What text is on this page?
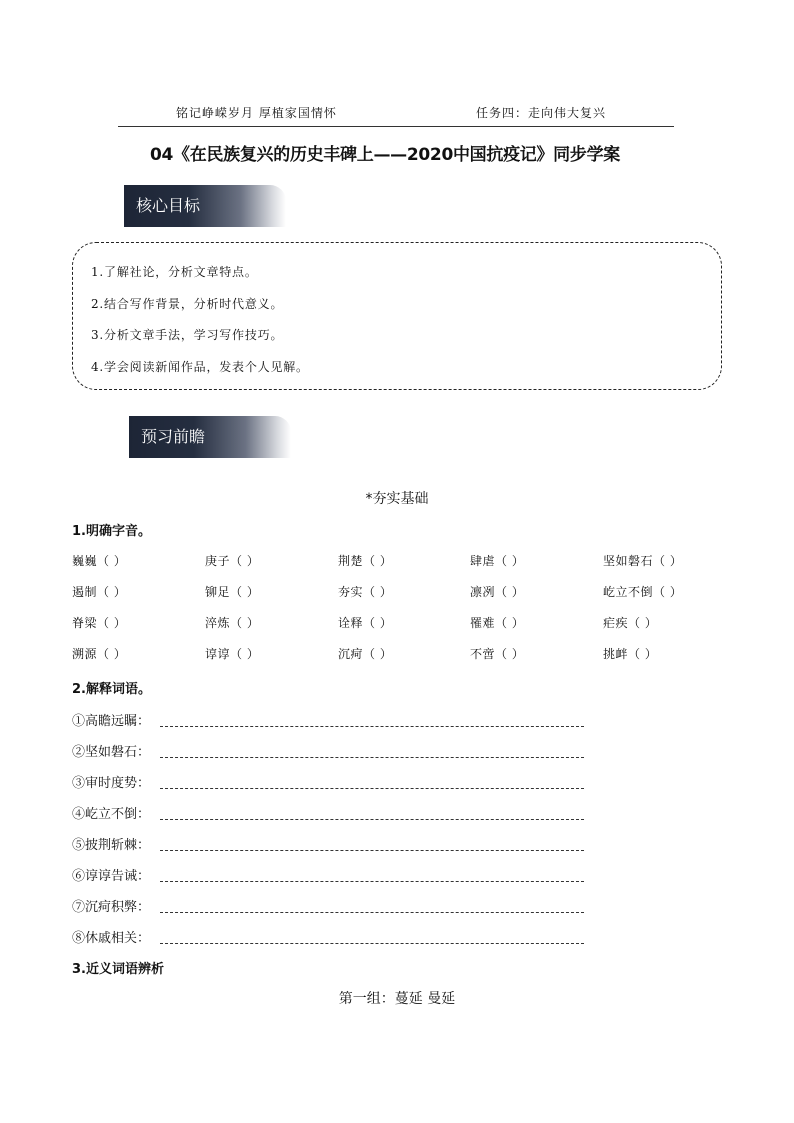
铭记峥嵘岁月 厚植家国情怀	任务四：走向伟大复兴
04《在民族复兴的历史丰碑上——2020中国抗疫记》同步学案
核心目标
1.了解社论，分析文章特点。
2.结合写作背景，分析时代意义。
3.分析文章手法，学习写作技巧。
4.学会阅读新闻作品，发表个人见解。
预习前瞻
*夯实基础
1.明确字音。
巍巍（ ）	庚子（ ）	荆楚（ ）	肆虐（ ）	坚如磐石（ ）
遏制（ ）	铆足（ ）	夯实（ ）	凛冽（ ）	屹立不倒（ ）
脊梁（ ）	淬炼（ ）	诠释（ ）	罹难（ ）	疟疾（ ）
溯源（ ）	谆谆（ ）	沉疴（ ）	不啻（ ）	挑衅（ ）
2.解释词语。
①高瞻远瞩：
②坚如磐石：
③审时度势：
④屹立不倒：
⑤披荆斩棘：
⑥谆谆告诫：
⑦沉疴积弊：
⑧休戚相关：
3.近义词语辨析
第一组：蔓延 曼延
